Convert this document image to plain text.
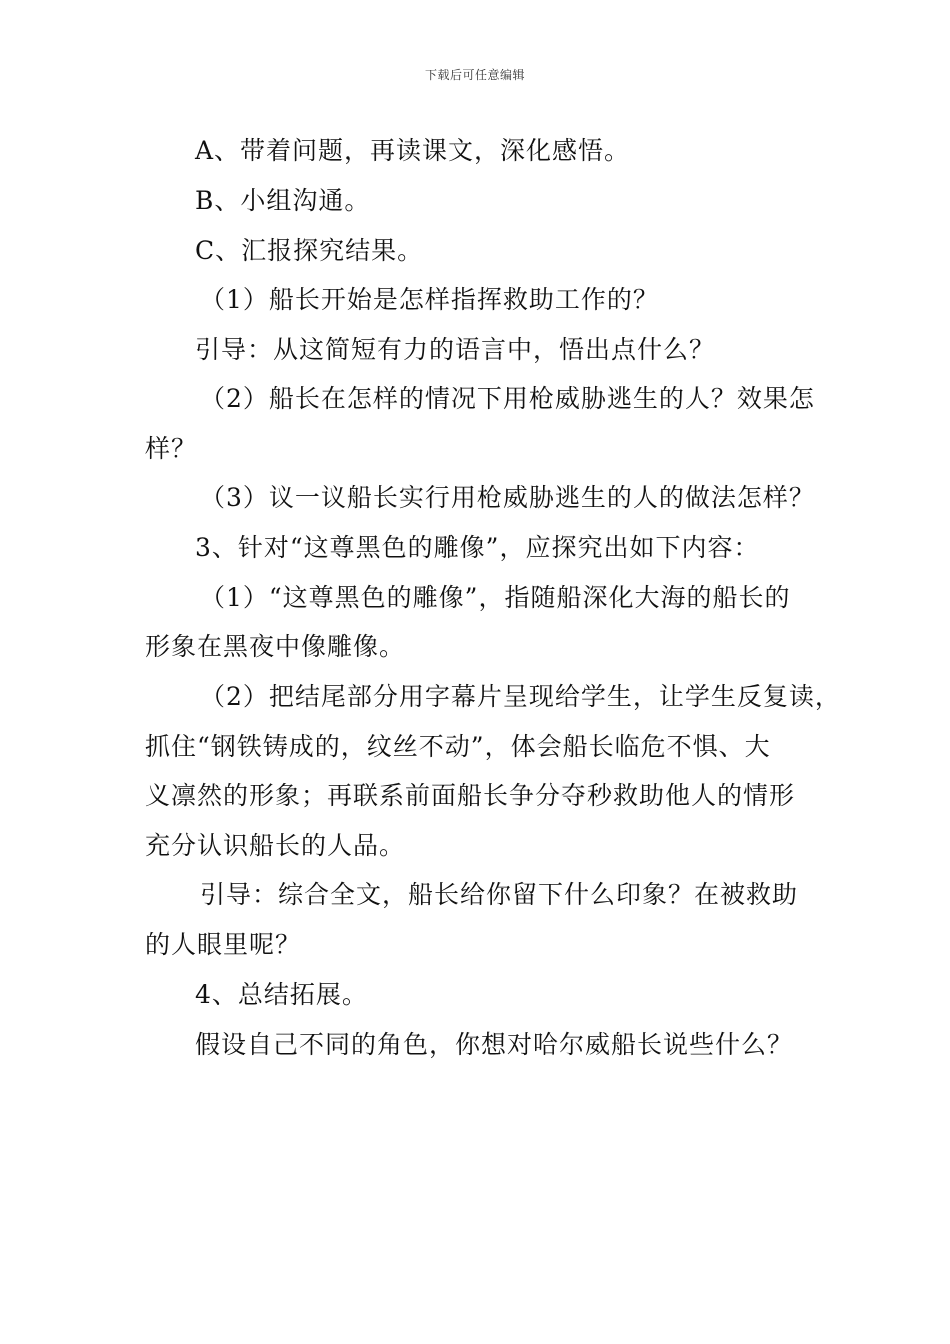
下载后可任意编辑
A、带着问题，再读课文，深化感悟。
B、小组沟通。
C、汇报探究结果。
（1）船长开始是怎样指挥救助工作的？
引导：从这简短有力的语言中，悟出点什么？
（2）船长在怎样的情况下用枪威胁逃生的人？效果怎
样？
（3）议一议船长实行用枪威胁逃生的人的做法怎样？
3、针对“这尊黑色的雕像”，应探究出如下内容：
（1）“这尊黑色的雕像”，指随船深化大海的船长的
形象在黑夜中像雕像。
（2）把结尾部分用字幕片呈现给学生，让学生反复读，
抓住“钢铁铸成的，纹丝不动”，体会船长临危不惧、大
义凛然的形象；再联系前面船长争分夺秒救助他人的情形
充分认识船长的人品。
引导：综合全文，船长给你留下什么印象？在被救助
的人眼里呢？
4、总结拓展。
假设自己不同的角色，你想对哈尔威船长说些什么？
